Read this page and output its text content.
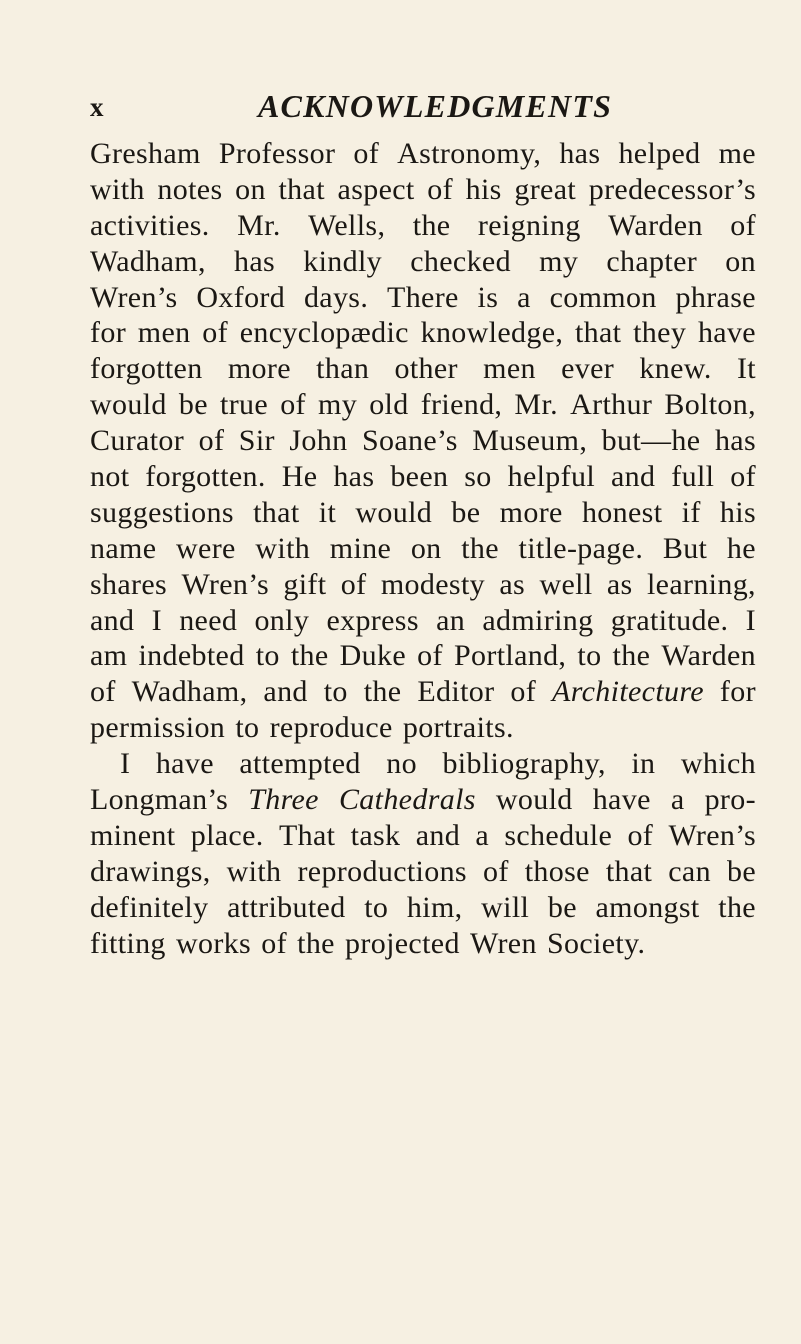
x	ACKNOWLEDGMENTS
Gresham Professor of Astronomy, has helped me
with notes on that aspect of his great predecessor’s
activities. Mr. Wells, the reigning Warden of
Wadham, has kindly checked my chapter on
Wren’s Oxford days. There is a common phrase
for men of encyclopædic knowledge, that they have
forgotten more than other men ever knew. It
would be true of my old friend, Mr. Arthur Bolton,
Curator of Sir John Soane’s Museum, but—he has
not forgotten. He has been so helpful and full of
suggestions that it would be more honest if his
name were with mine on the title-page. But he
shares Wren’s gift of modesty as well as learning,
and I need only express an admiring gratitude. I
am indebted to the Duke of Portland, to the Warden
of Wadham, and to the Editor of Architecture for
permission to reproduce portraits.
I have attempted no bibliography, in which
Longman’s Three Cathedrals would have a pro-
minent place. That task and a schedule of Wren’s
drawings, with reproductions of those that can be
definitely attributed to him, will be amongst the
fitting works of the projected Wren Society.
